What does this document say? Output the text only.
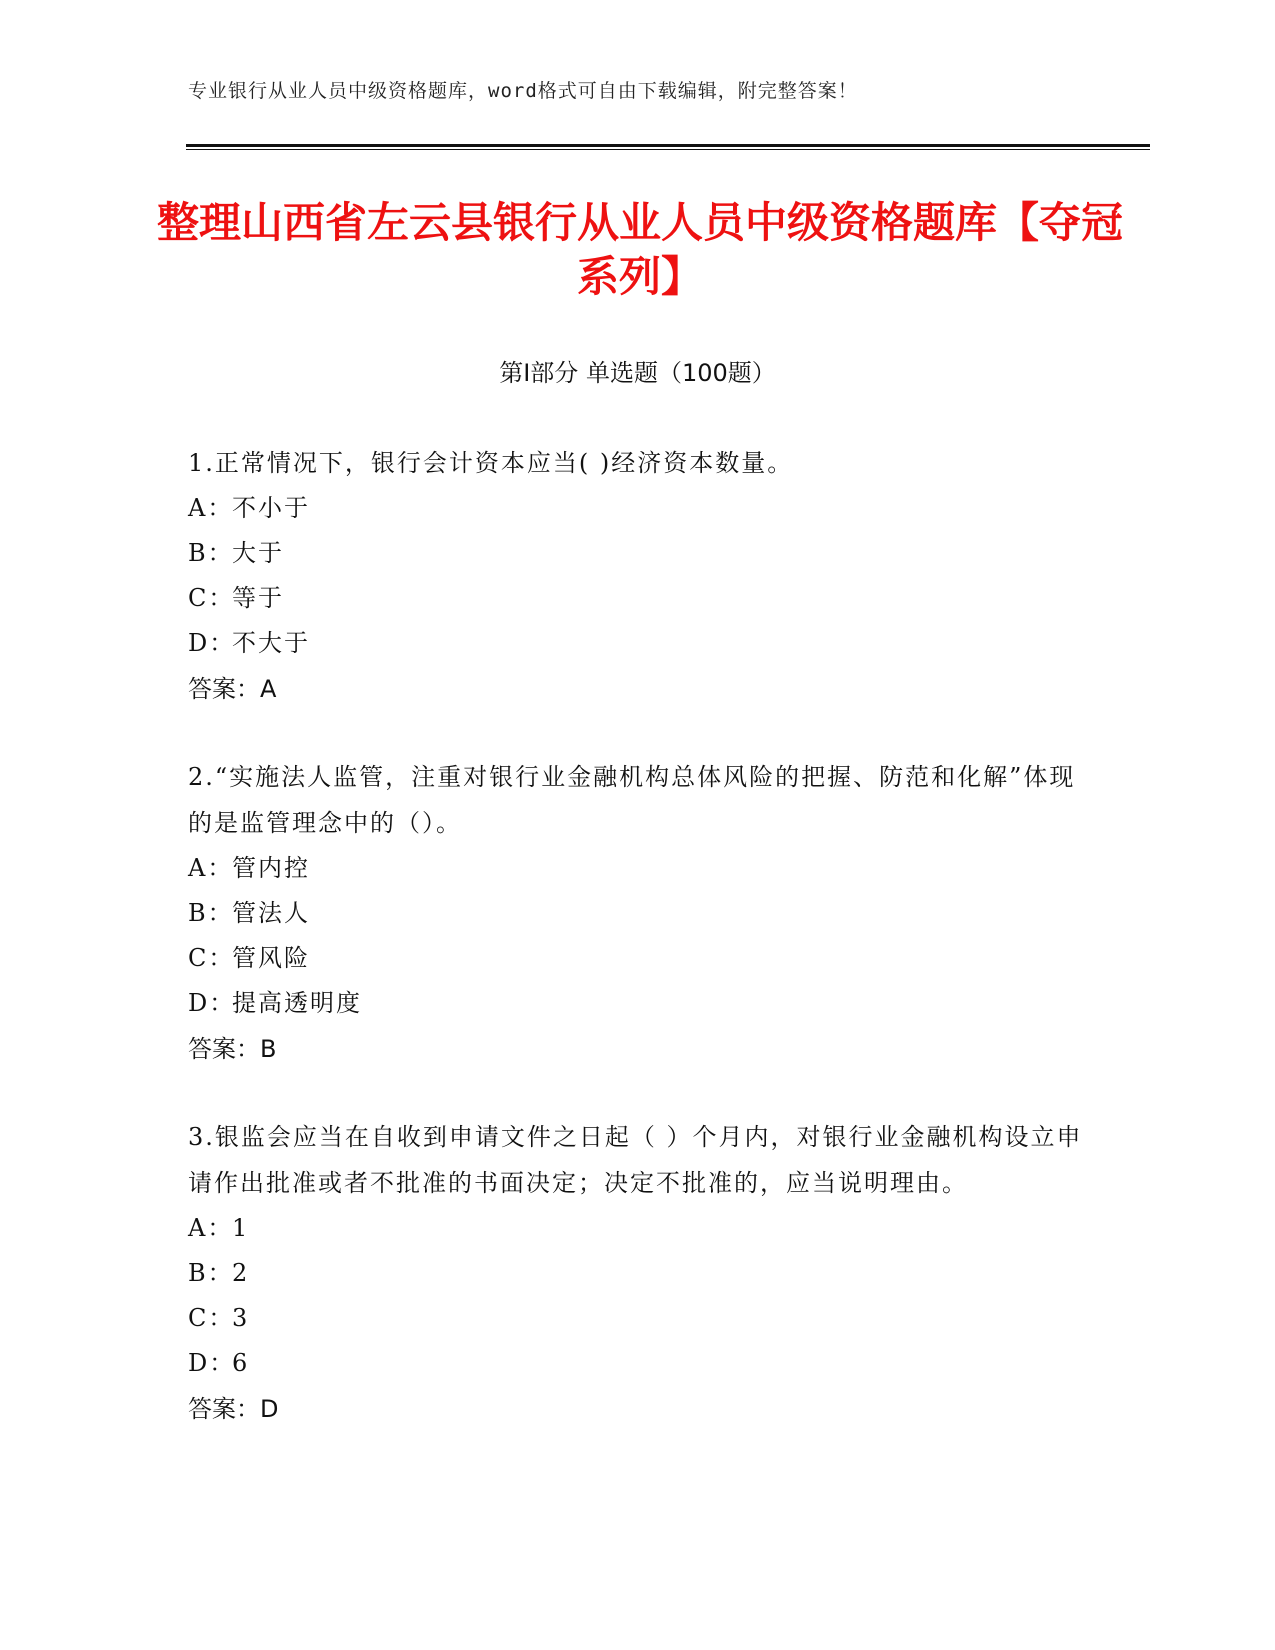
专业银行从业人员中级资格题库，word格式可自由下载编辑，附完整答案！
整理山西省左云县银行从业人员中级资格题库【夺冠系列】
第Ⅰ部分 单选题（100题）

1.正常情况下，银行会计资本应当( )经济资本数量。

A：不小于

B：大于

C：等于

D：不大于

答案：A

2.“实施法人监管，注重对银行业金融机构总体风险的把握、防范和化解”体现的是监管理念中的（）。

A：管内控

B：管法人

C：管风险

D：提高透明度

答案：B

3.银监会应当在自收到申请文件之日起（ ）个月内，对银行业金融机构设立申请作出批准或者不批准的书面决定；决定不批准的，应当说明理由。

A：1

B：2

C：3

D：6

答案：D
